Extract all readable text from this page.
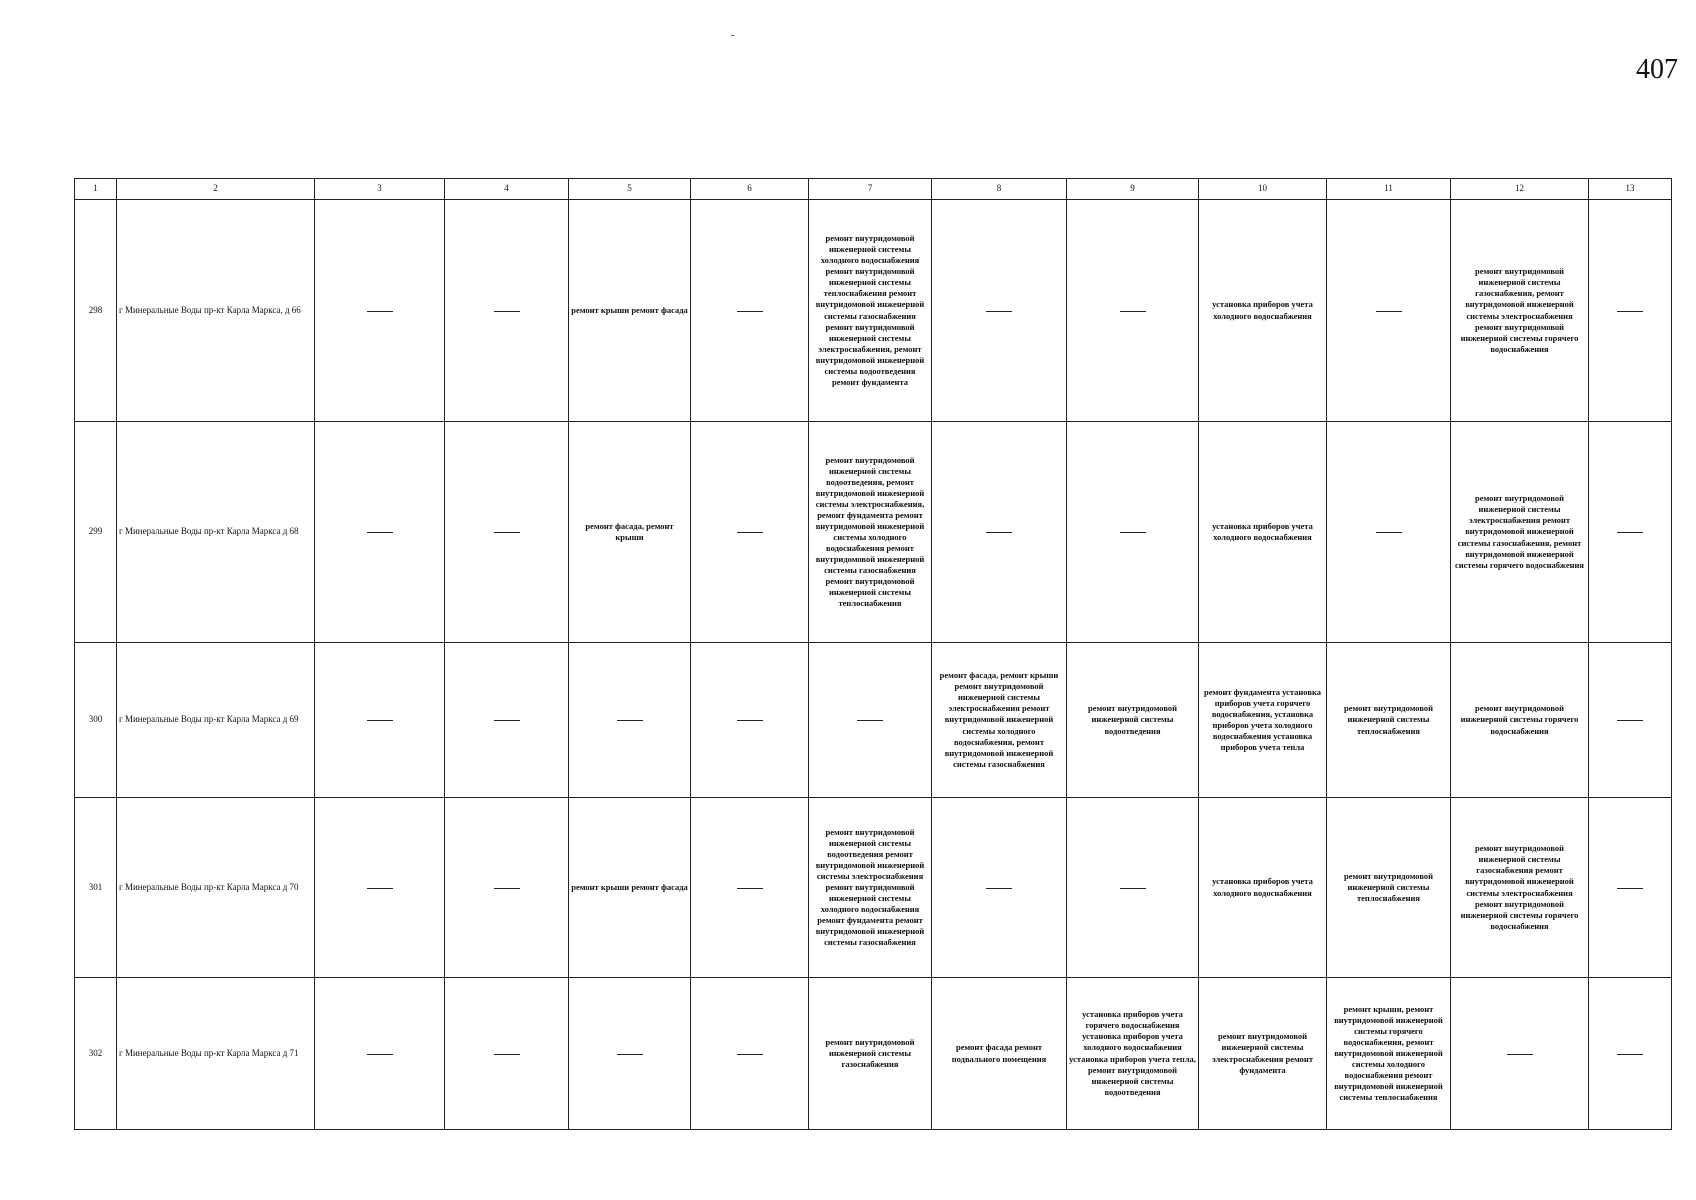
-
407
1	2	3	4	5	6	7	8	9	10	11	12	13
298	г Минеральные Воды пр-кт Карла Маркса, д 66			ремонт крыши ремонт фасада		ремонт внутридомовой инженерной системы холодного водоснабжения ремонт внутридомовой инженерной системы теплоснабжения ремонт внутридомовой инженерной системы газоснабжения ремонт внутридомовой инженерной системы электроснабжения, ремонт внутридомовой инженерной системы водоотведения ремонт фундамента			установка приборов учета холодного водоснабжения		ремонт внутридомовой инженерной системы газоснабжения, ремонт внутридомовой инженерной системы электроснабжения ремонт внутридомовой инженерной системы горячего водоснабжения	
299	г Минеральные Воды пр-кт Карла Маркса д 68			ремонт фасада, ремонт крыши		ремонт внутридомовой инженерной системы водоотведения, ремонт внутридомовой инженерной системы электроснабжения, ремонт фундамента ремонт внутридомовой инженерной системы холодного водоснабжения ремонт внутридомовой инженерной системы газоснабжения ремонт внутридомовой инженерной системы теплоснабжения			установка приборов учета холодного водоснабжения		ремонт внутридомовой инженерной системы электроснабжения ремонт внутридомовой инженерной системы газоснабжения, ремонт внутридомовой инженерной системы горячего водоснабжения	
300	г Минеральные Воды пр-кт Карла Маркса д 69						ремонт фасада, ремонт крыши ремонт внутридомовой инженерной системы электроснабжения ремонт внутридомовой инженерной системы холодного водоснабжения, ремонт внутридомовой инженерной системы газоснабжения	ремонт внутридомовой инженерной системы водоотведения	ремонт фундамента установка приборов учета горячего водоснабжения, установка приборов учета холодного водоснабжения установка приборов учета тепла	ремонт внутридомовой инженерной системы теплоснабжения	ремонт внутридомовой инженерной системы горячего водоснабжения	
301	г Минеральные Воды пр-кт Карла Маркса д 70			ремонт крыши ремонт фасада		ремонт внутридомовой инженерной системы водоотведения ремонт внутридомовой инженерной системы электроснабжения ремонт внутридомовой инженерной системы холодного водоснабжения ремонт фундамента ремонт внутридомовой инженерной системы газоснабжения			установка приборов учета холодного водоснабжения	ремонт внутридомовой инженерной системы теплоснабжения	ремонт внутридомовой инженерной системы газоснабжения ремонт внутридомовой инженерной системы электроснабжения ремонт внутридомовой инженерной системы горячего водоснабжения	
302	г Минеральные Воды пр-кт Карла Маркса д 71					ремонт внутридомовой инженерной системы газоснабжения	ремонт фасада ремонт подвального помещения	установка приборов учета горячего водоснабжения установка приборов учета холодного водоснабжения установка приборов учета тепла, ремонт внутридомовой инженерной системы водоотведения	ремонт внутридомовой инженерной системы электроснабжения ремонт фундамента	ремонт крыши, ремонт внутридомовой инженерной системы горячего водоснабжения, ремонт внутридомовой инженерной системы холодного водоснабжения ремонт внутридомовой инженерной системы теплоснабжения		
